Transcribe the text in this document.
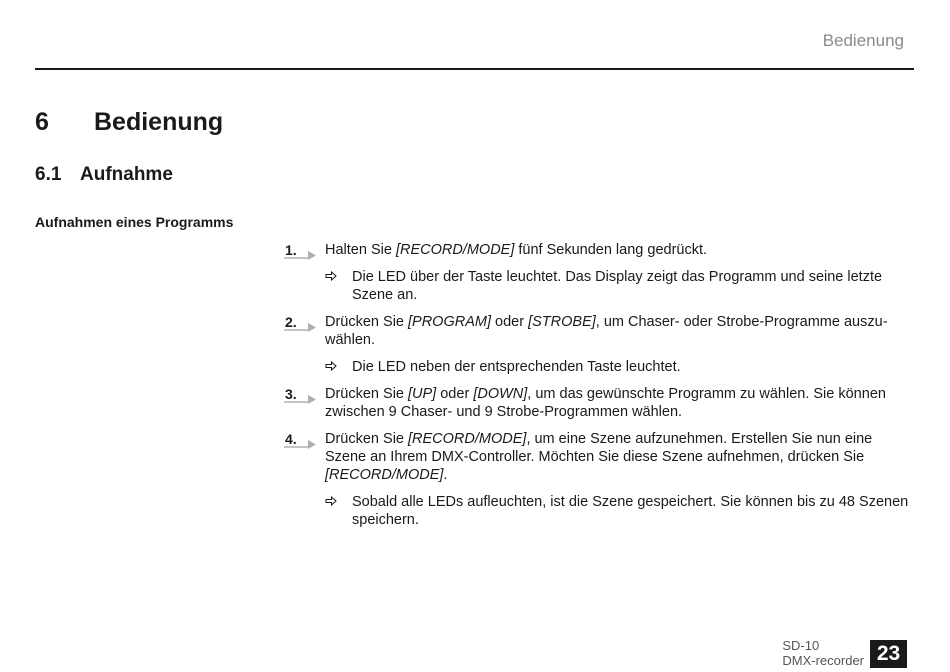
Bedienung
6 Bedienung
6.1 Aufnahme
Aufnahmen eines Programms
1. Halten Sie [RECORD/MODE] fünf Sekunden lang gedrückt.
Die LED über der Taste leuchtet. Das Display zeigt das Programm und seine letzte Szene an.
2. Drücken Sie [PROGRAM] oder [STROBE], um Chaser- oder Strobe-Programme auszuwählen.
Die LED neben der entsprechenden Taste leuchtet.
3. Drücken Sie [UP] oder [DOWN], um das gewünschte Programm zu wählen. Sie können zwischen 9 Chaser- und 9 Strobe-Programmen wählen.
4. Drücken Sie [RECORD/MODE], um eine Szene aufzunehmen. Erstellen Sie nun eine Szene an Ihrem DMX-Controller. Möchten Sie diese Szene aufnehmen, drücken Sie [RECORD/MODE].
Sobald alle LEDs aufleuchten, ist die Szene gespeichert. Sie können bis zu 48 Szenen speichern.
SD-10
DMX-recorder 23
